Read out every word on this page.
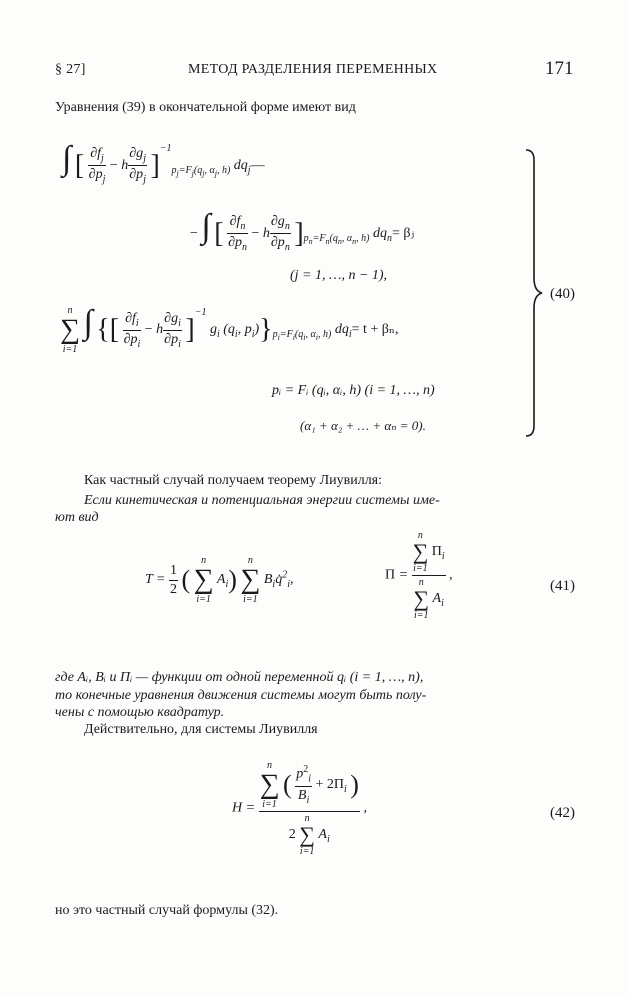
§ 27]	МЕТОД РАЗДЕЛЕНИЯ ПЕРЕМЕННЫХ	171
Уравнения (39) в окончательной форме имеют вид
∫ [ $\frac{\partial f_j}{\partial p_j} - h \frac{\partial g_j}{\partial p_j} ]^{-1}_{p_j=F_j(q_j, \alpha_j, h)}$ $dq_j—$
− ∫ [ $\frac{\partial f_n}{\partial p_n} - h \frac{\partial g_n}{\partial p_n} ]_{p_n=F_n(q_n, \alpha_n, h)}$ $dq_n=$ βⱼ
(j = 1, …, n − 1),
n
∑
i=1
∫ {[ $\frac{\partial f_i}{\partial p_i} - h \frac{\partial g_i}{\partial p_i} ]^{-1}$ $g_i$ ($q_i$, $p_i)\}_{p_i=F_i(q_i, \alpha_i, h)}$ $dq_i= t + \beta_n$,
pᵢ = Fᵢ (qᵢ, αᵢ, h) (i = 1, …, n)
(α₁ + α₂ + … + αₙ = 0).
(40)
Как частный случай получаем теорему Лиувилля:
Если кинетическая и потенциальная энергии системы име-
ют вид
$T = \frac{1}{2}$ (
n
∑
i=1
$A_i$)
n
∑
i=1
$B_iq̇^2_i$,	Π = n
∑
i=1
$\Pi_i$
n
∑
i=1
$A_i$ ,
(41)
где Aᵢ, Bᵢ и Πᵢ — функции от одной переменной qᵢ (i = 1, …, n),
то конечные уравнения движения системы могут быть полу-
чены с помощью квадратур.
Действительно, для системы Лиувилля
H =
n
∑
i=1
( $\frac{p^2_i}{B_i} + 2\Pi_i$ )
2
n
∑
i=1
$A_i$
,	(42)
но это частный случай формулы (32).
